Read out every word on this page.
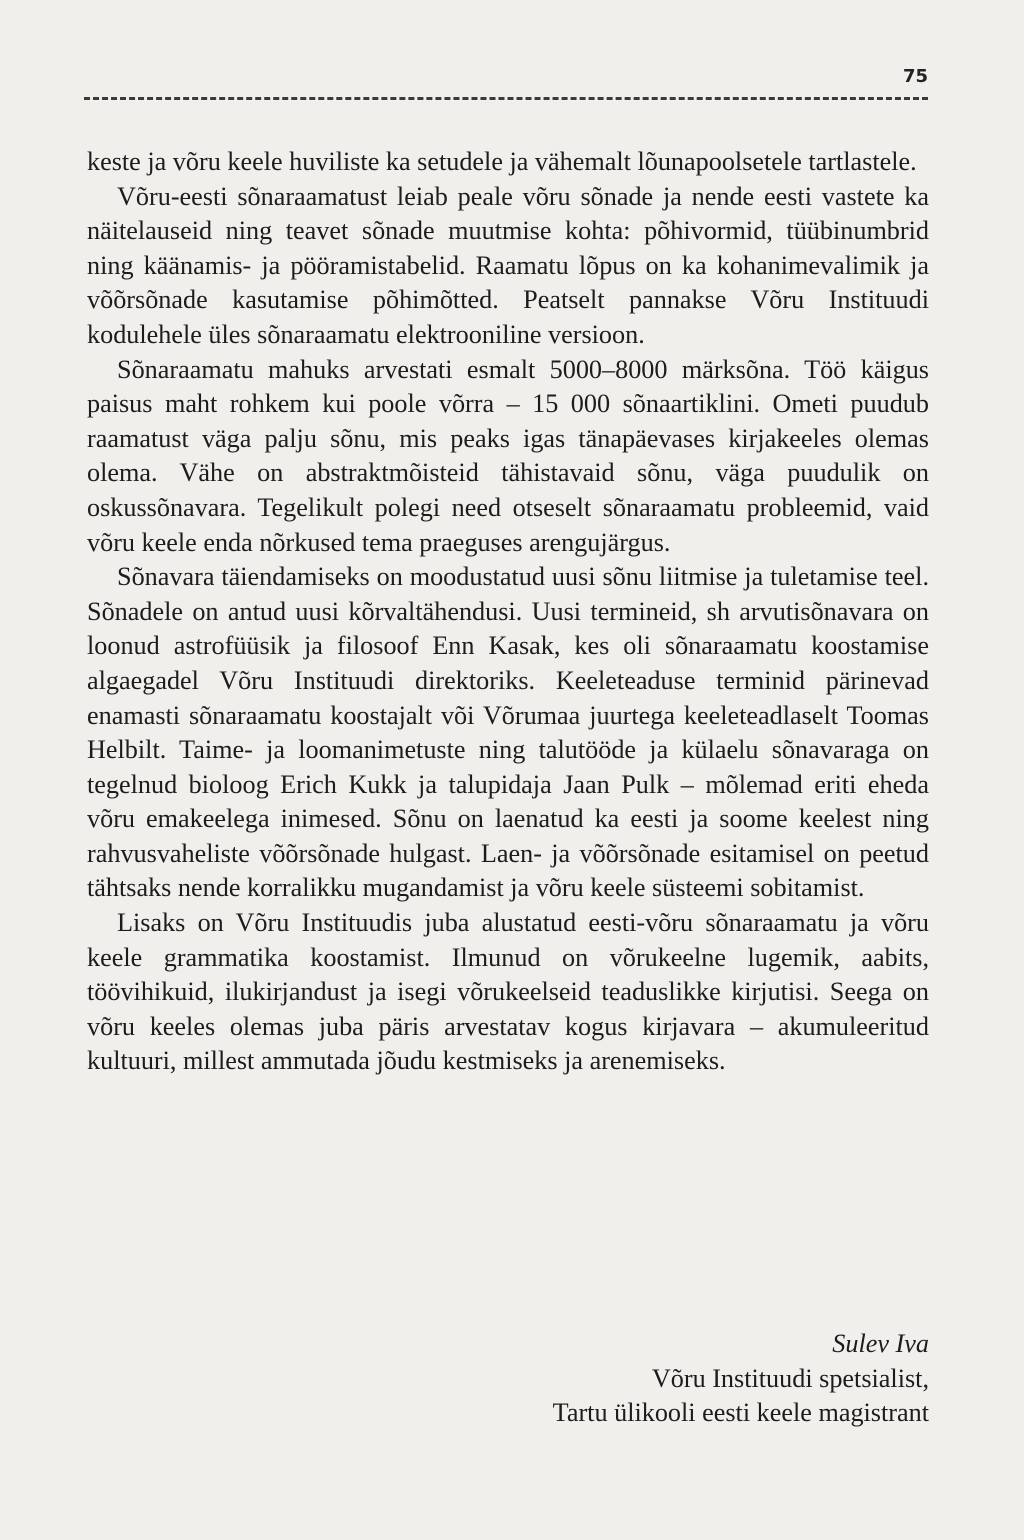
75

keste ja võru keele huviliste ka setudele ja vähemalt lõunapoolsetele tartlastele.

Võru-eesti sõnaraamatust leiab peale võru sõnade ja nende eesti vastete ka näitelauseid ning teavet sõnade muutmise kohta: põhivormid, tüübinumbrid ning käänamis- ja pööramistabelid. Raamatu lõpus on ka kohanimevalimik ja võõrsõnade kasutamise põhimõtted. Peatselt pannakse Võru Instituudi kodulehele üles sõnaraamatu elektrooniline versioon.

Sõnaraamatu mahuks arvestati esmalt 5000–8000 märksõna. Töö käigus paisus maht rohkem kui poole võrra – 15 000 sõnaartiklini. Ometi puudub raamatust väga palju sõnu, mis peaks igas tänapäevases kirjakeeles olemas olema. Vähe on abstraktmõisteid tähistavaid sõnu, väga puudulik on oskussõnavara. Tegelikult polegi need otseselt sõnaraamatu probleemid, vaid võru keele enda nõrkused tema praeguses arengujärgus.

Sõnavara täiendamiseks on moodustatud uusi sõnu liitmise ja tuletamise teel. Sõnadele on antud uusi kõrvaltähendusi. Uusi termineid, sh arvutisõnavara on loonud astrofüüsik ja filosoof Enn Kasak, kes oli sõnaraamatu koostamise algaegadel Võru Instituudi direktoriks. Keeleteaduse terminid pärinevad enamasti sõnaraamatu koostajalt või Võrumaa juurtega keeleteadlaselt Toomas Helbilt. Taime- ja loomanimetuste ning talutööde ja külaelu sõnavaraga on tegelnud bioloog Erich Kukk ja talupidaja Jaan Pulk – mõlemad eriti eheda võru emakeelega inimesed. Sõnu on laenatud ka eesti ja soome keelest ning rahvusvaheliste võõrsõnade hulgast. Laen- ja võõrsõnade esitamisel on peetud tähtsaks nende korralikku mugandamist ja võru keele süsteemi sobitamist.

Lisaks on Võru Instituudis juba alustatud eesti-võru sõnaraamatu ja võru keele grammatika koostamist. Ilmunud on võrukeelne lugemik, aabits, töövihikuid, ilukirjandust ja isegi võrukeelseid teaduslikke kirjutisi. Seega on võru keeles olemas juba päris arvestatav kogus kirjavara – akumuleeritud kultuuri, millest ammutada jõudu kestmiseks ja arenemiseks.

Sulev Iva
Võru Instituudi spetsialist,
Tartu ülikooli eesti keele magistrant
